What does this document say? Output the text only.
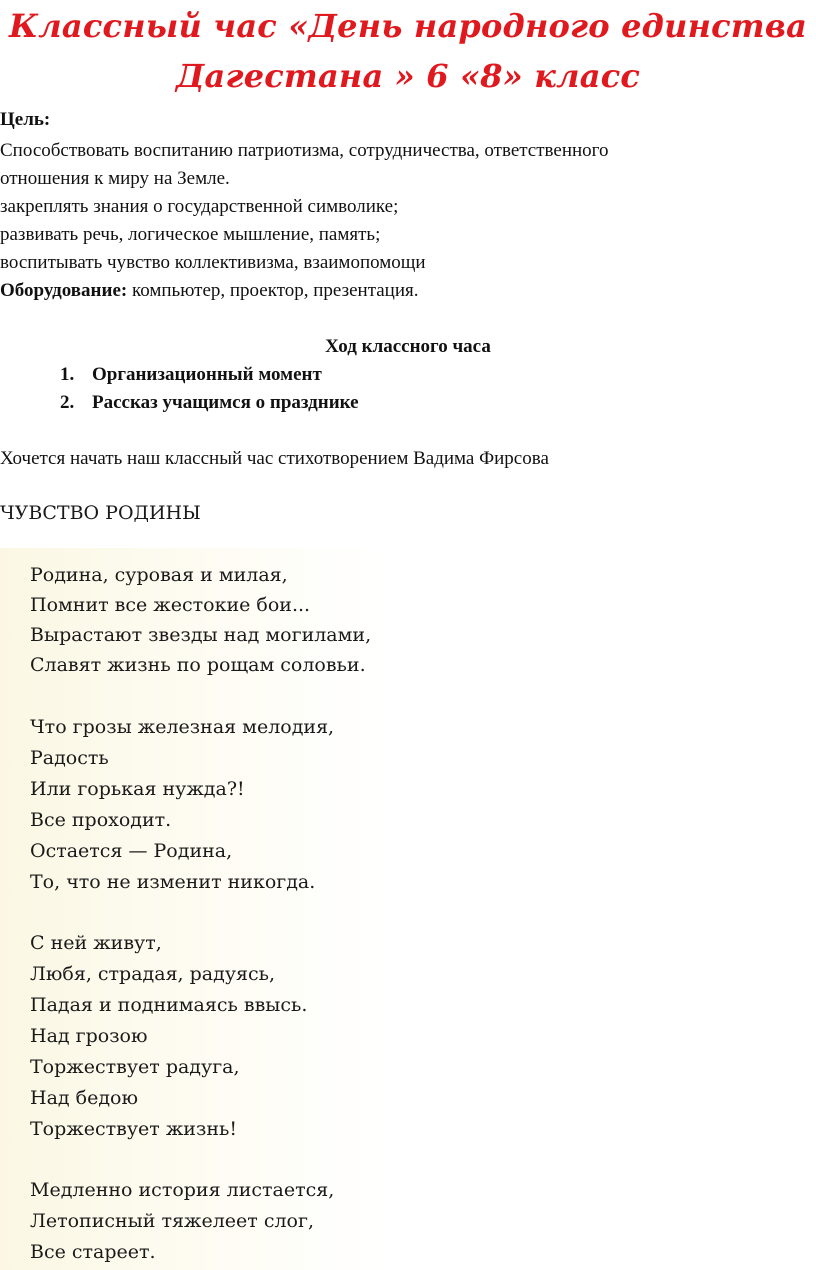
Классный час «День народного единства
Дагестана » 6 «8» класс
Цель:
Способствовать воспитанию патриотизма, сотрудничества, ответственного
отношения к миру на Земле.
закреплять знания о государственной символике;
развивать речь, логическое мышление, память;
воспитывать чувство коллективизма, взаимопомощи
Оборудование: компьютер, проектор, презентация.
Ход классного часа
1. Организационный момент
2. Рассказ учащимся о празднике
Хочется начать наш классный час стихотворением Вадима Фирсова
ЧУВСТВО РОДИНЫ
Родина, суровая и милая,
Помнит все жестокие бои...
Вырастают звезды над могилами,
Славят жизнь по рощам соловьи.
Что грозы железная мелодия,
Радость
Или горькая нужда?!
Все проходит.
Остается — Родина,
То, что не изменит никогда.
С ней живут,
Любя, страдая, радуясь,
Падая и поднимаясь ввысь.
Над грозою
Торжествует радуга,
Над бедою
Торжествует жизнь!
Медленно история листается,
Летописный тяжелеет слог,
Все стареет.
